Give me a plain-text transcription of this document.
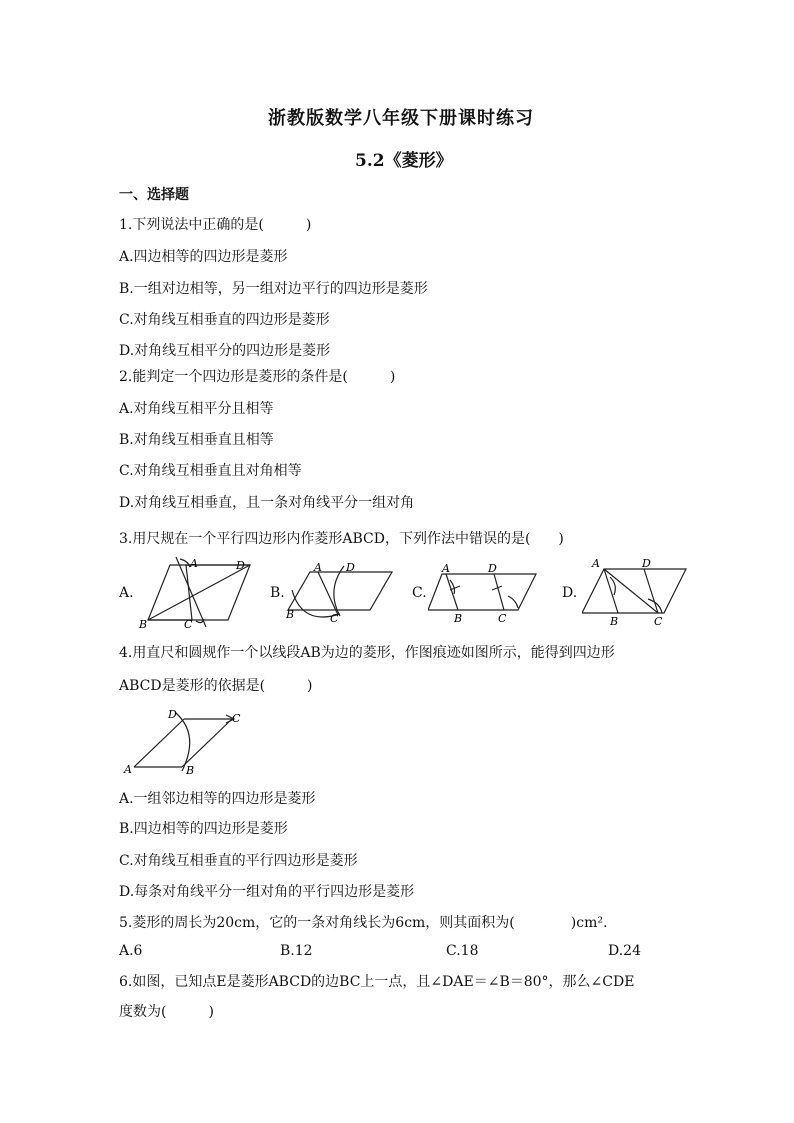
浙教版数学八年级下册课时练习
5.2《菱形》
一、选择题
1.下列说法中正确的是(　　　)
A.四边相等的四边形是菱形
B.一组对边相等，另一组对边平行的四边形是菱形
C.对角线互相垂直的四边形是菱形
D.对角线互相平分的四边形是菱形
2.能判定一个四边形是菱形的条件是(　　　)
A.对角线互相平分且相等
B.对角线互相垂直且相等
C.对角线互相垂直且对角相等
D.对角线互相垂直，且一条对角线平分一组对角
3.用尺规在一个平行四边形内作菱形ABCD，下列作法中错误的是(　　)
A.	B.	C.	D.
A	D
B	C
A D
B	C
A	D
B	C
A	D
B	C
4.用直尺和圆规作一个以线段AB为边的菱形，作图痕迹如图所示，能得到四边形
ABCD是菱形的依据是(　　　)
D	C
A	B
A.一组邻边相等的四边形是菱形
B.四边相等的四边形是菱形
C.对角线互相垂直的平行四边形是菱形
D.每条对角线平分一组对角的平行四边形是菱形
5.菱形的周长为20cm，它的一条对角线长为6cm，则其面积为(　　　　)cm².
A.6	B.12	C.18	D.24
6.如图，已知点E是菱形ABCD的边BC上一点，且∠DAE＝∠B＝80°，那么∠CDE
度数为(　　　)
